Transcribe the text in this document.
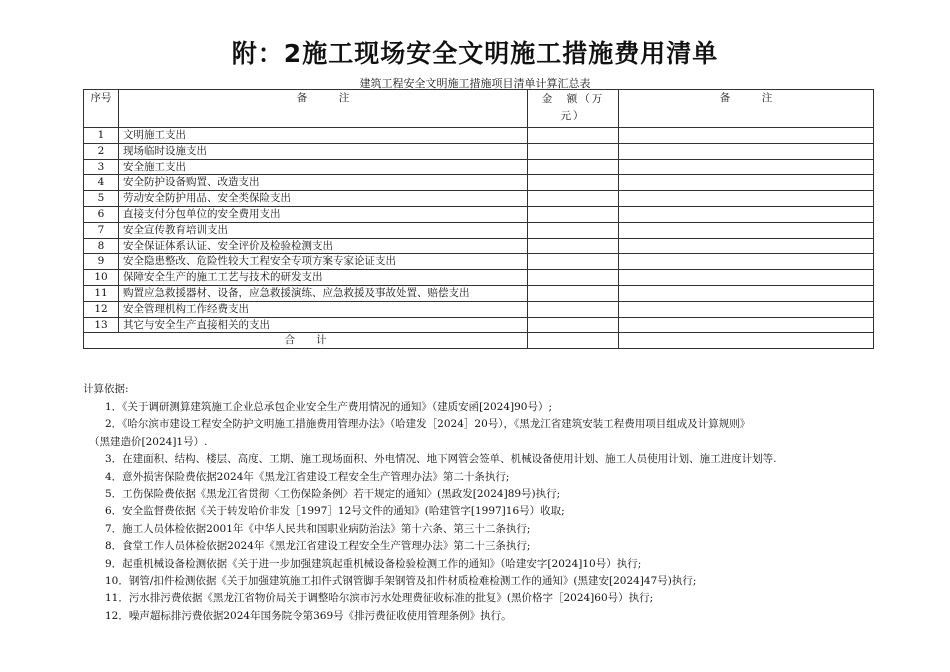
附：2施工现场安全文明施工措施费用清单
建筑工程安全文明施工措施项目清单计算汇总表
序号	备　　　注	金　额（万元）	备　　　注
1	文明施工支出		
2	现场临时设施支出		
3	安全施工支出		
4	安全防护设备购置、改造支出		
5	劳动安全防护用品、安全类保险支出		
6	直接支付分包单位的安全费用支出		
7	安全宣传教育培训支出		
8	安全保证体系认证、安全评价及检验检测支出		
9	安全隐患整改、危险性较大工程安全专项方案专家论证支出		
10	保障安全生产的施工工艺与技术的研发支出		
11	购置应急救援器材、设备，应急救援演练、应急救援及事故处置、赔偿支出		
12	安全管理机构工作经费支出		
13	其它与安全生产直接相关的支出		
合　　计			
计算依据:
1．《关于调研测算建筑施工企业总承包企业安全生产费用情况的通知》（建质安函[2024]90号）;
2．《哈尔滨市建设工程安全防护文明施工措施费用管理办法》（哈建发［2024］20号），《黑龙江省建筑安装工程费用项目组成及计算规则》
（黑建造价[2024]1号）.
3．在建面积、结构、楼层、高度、工期、施工现场面积、外电情况、地下网管会签单、机械设备使用计划、施工人员使用计划、施工进度计划等.
4．意外损害保险费依据2024年《黑龙江省建设工程安全生产管理办法》第二十条执行;
5．工伤保险费依据《黑龙江省贯彻〈工伤保险条例〉若干规定的通知〉(黑政发[2024]89号)执行;
6．安全监督费依据《关于转发哈价非发［1997］12号文件的通知》(哈建管字[1997]16号）收取;
7．施工人员体检依据2001年《中华人民共和国职业病防治法》第十六条、第三十二条执行;
8．食堂工作人员体检依据2024年《黑龙江省建设工程安全生产管理办法》第二十三条执行;
9．起重机械设备检测依据《关于进一步加强建筑起重机械设备检验检测工作的通知》（哈建安字[2024]10号）执行;
10．钢管/扣件检测依据《关于加强建筑施工扣件式钢管脚手架钢管及扣件材质检难检测工作的通知》(黑建安[2024]47号)执行;
11．污水排污费依据《黑龙江省物价局关于调整哈尔滨市污水处理费征收标准的批复》(黑价格字［2024]60号）执行;
12．噪声超标排污费依据2024年国务院令第369号《排污费征收使用管理条例》执行。
